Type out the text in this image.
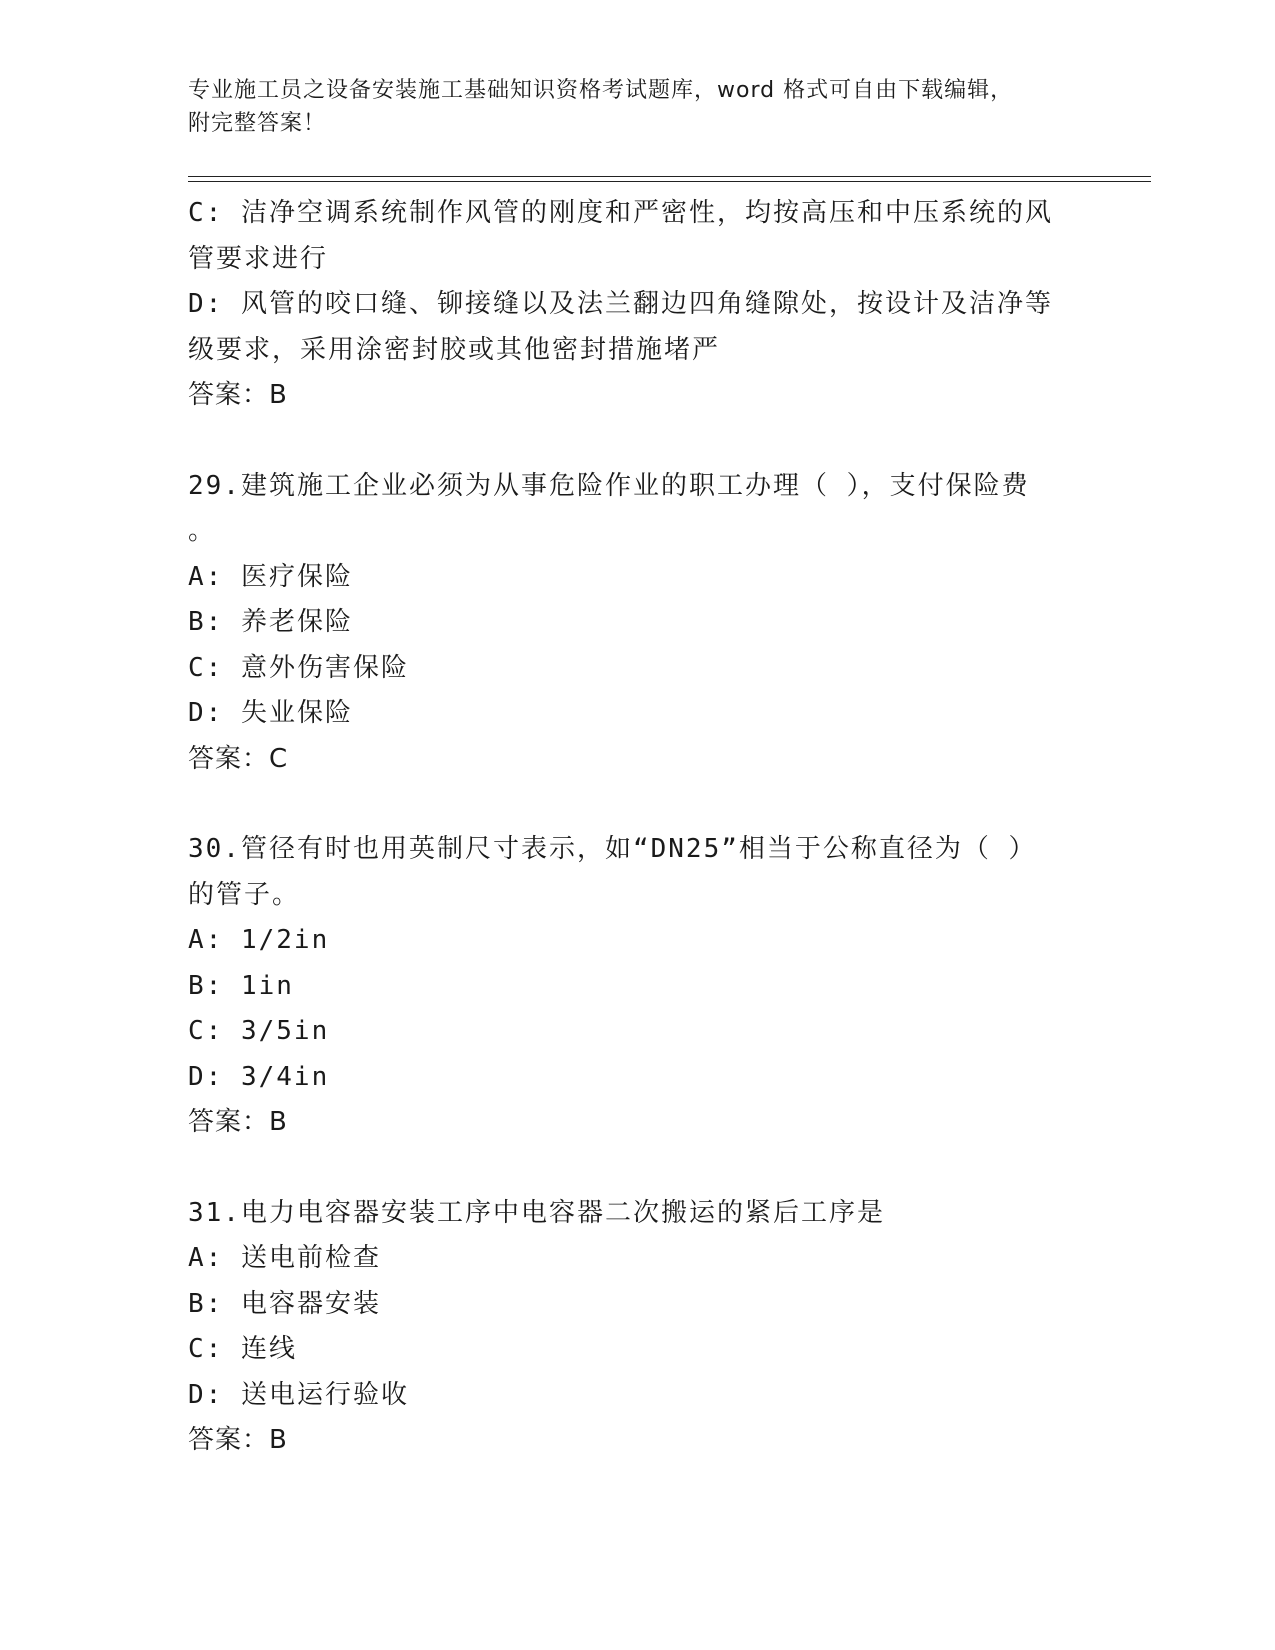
专业施工员之设备安装施工基础知识资格考试题库，word 格式可自由下载编辑，
附完整答案！
C: 洁净空调系统制作风管的刚度和严密性，均按高压和中压系统的风
管要求进行
D: 风管的咬口缝、铆接缝以及法兰翻边四角缝隙处，按设计及洁净等
级要求，采用涂密封胶或其他密封措施堵严
答案：B
29.建筑施工企业必须为从事危险作业的职工办理（ ），支付保险费
。
A: 医疗保险
B: 养老保险
C: 意外伤害保险
D: 失业保险
答案：C
30.管径有时也用英制尺寸表示，如“DN25”相当于公称直径为（ ）
的管子。
A: 1/2in
B: 1in
C: 3/5in
D: 3/4in
答案：B
31.电力电容器安装工序中电容器二次搬运的紧后工序是
A: 送电前检查
B: 电容器安装
C: 连线
D: 送电运行验收
答案：B
